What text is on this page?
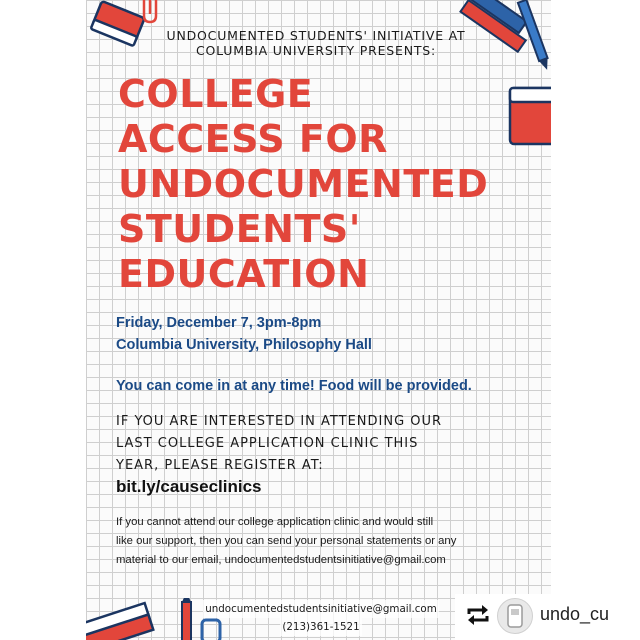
UNDOCUMENTED STUDENTS' INITIATIVE AT
COLUMBIA UNIVERSITY PRESENTS:
COLLEGE
ACCESS FOR
UNDOCUMENTED
STUDENTS'
EDUCATION
Friday, December 7, 3pm-8pm
Columbia University, Philosophy Hall
You can come in at any time! Food will be provided.
IF YOU ARE INTERESTED IN ATTENDING OUR
LAST COLLEGE APPLICATION CLINIC THIS
YEAR, PLEASE REGISTER AT:
bit.ly/causeclinics
If you cannot attend our college application clinic and would still
like our support, then you can send your personal statements or any
material to our email, undocumentedstudentsinitiative@gmail.com
undocumentedstudentsinitiative@gmail.com
(213)361-1521
undo_cu
